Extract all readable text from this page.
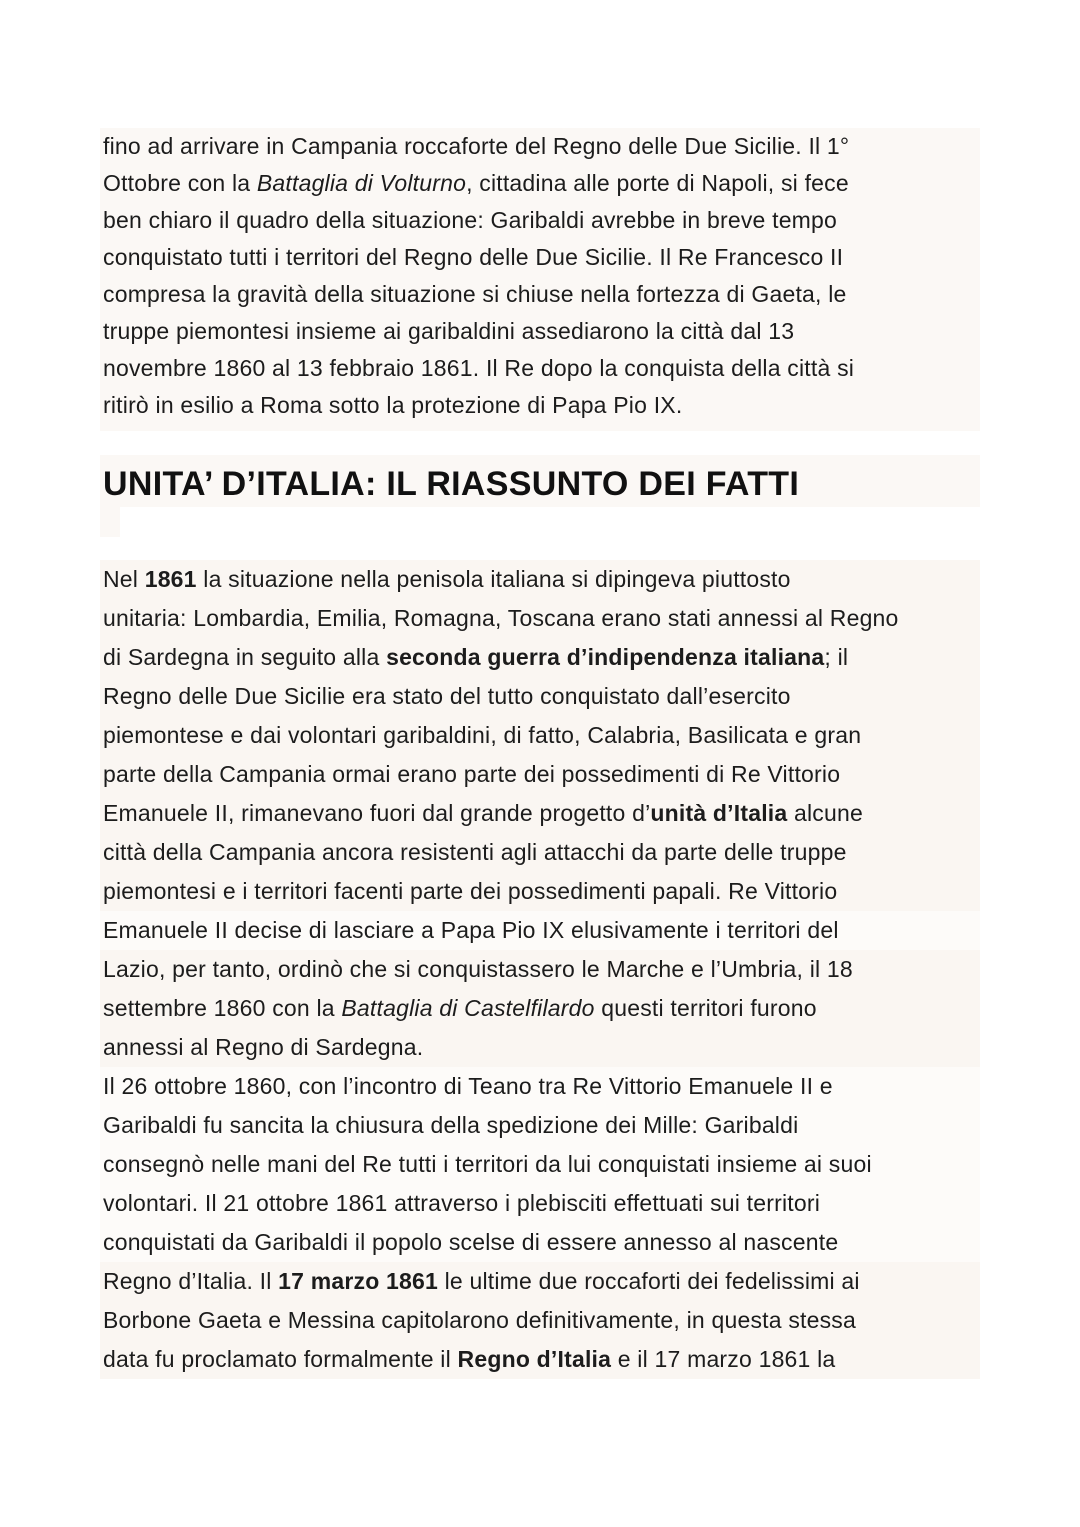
fino ad arrivare in Campania roccaforte del Regno delle Due Sicilie. Il 1°
Ottobre con la Battaglia di Volturno, cittadina alle porte di Napoli, si fece
ben chiaro il quadro della situazione: Garibaldi avrebbe in breve tempo
conquistato tutti i territori del Regno delle Due Sicilie. Il Re Francesco II
compresa la gravità della situazione si chiuse nella fortezza di Gaeta, le
truppe piemontesi insieme ai garibaldini assediarono la città dal 13
novembre 1860 al 13 febbraio 1861. Il Re dopo la conquista della città si
ritirò in esilio a Roma sotto la protezione di Papa Pio IX.
UNITA’ D’ITALIA: IL RIASSUNTO DEI FATTI
Nel 1861 la situazione nella penisola italiana si dipingeva piuttosto
unitaria: Lombardia, Emilia, Romagna, Toscana erano stati annessi al Regno
di Sardegna in seguito alla seconda guerra d’indipendenza italiana; il
Regno delle Due Sicilie era stato del tutto conquistato dall’esercito
piemontese e dai volontari garibaldini, di fatto, Calabria, Basilicata e gran
parte della Campania ormai erano parte dei possedimenti di Re Vittorio
Emanuele II, rimanevano fuori dal grande progetto d’unità d’Italia alcune
città della Campania ancora resistenti agli attacchi da parte delle truppe
piemontesi e i territori facenti parte dei possedimenti papali. Re Vittorio
Emanuele II decise di lasciare a Papa Pio IX elusivamente i territori del
Lazio, per tanto, ordinò che si conquistassero le Marche e l’Umbria, il 18
settembre 1860 con la Battaglia di Castelfilardo questi territori furono
annessi al Regno di Sardegna.
Il 26 ottobre 1860, con l’incontro di Teano tra Re Vittorio Emanuele II e
Garibaldi fu sancita la chiusura della spedizione dei Mille: Garibaldi
consegnò nelle mani del Re tutti i territori da lui conquistati insieme ai suoi
volontari. Il 21 ottobre 1861 attraverso i plebisciti effettuati sui territori
conquistati da Garibaldi il popolo scelse di essere annesso al nascente
Regno d’Italia. Il 17 marzo 1861 le ultime due roccaforti dei fedelissimi ai
Borbone Gaeta e Messina capitolarono definitivamente, in questa stessa
data fu proclamato formalmente il Regno d’Italia e il 17 marzo 1861 la
